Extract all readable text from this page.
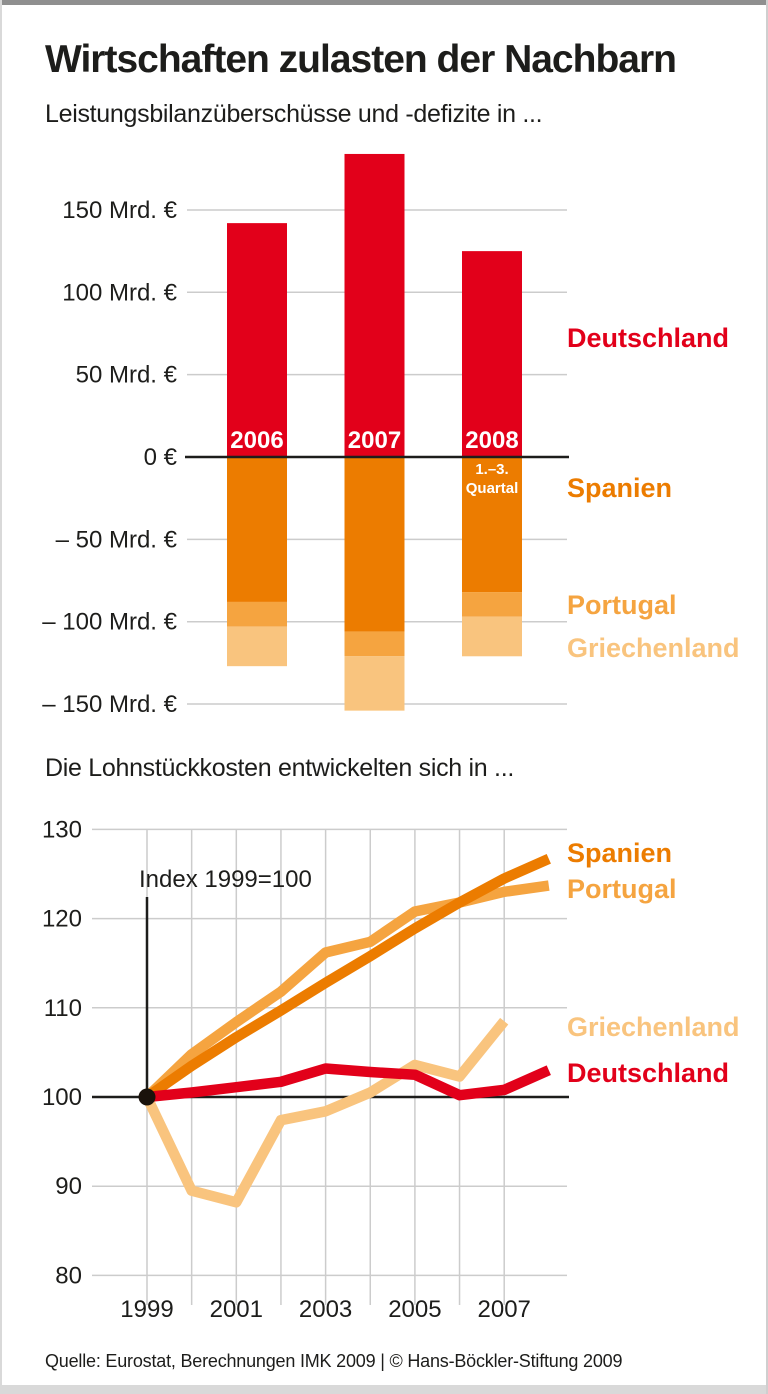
Wirtschaften zulasten der Nachbarn
Leistungsbilanzüberschüsse und -defizite in ...
150 Mrd. €
100 Mrd. €
50 Mrd. €
0 €
– 50 Mrd. €
– 100 Mrd. €
– 150 Mrd. €
2006	2007	2008
1.–3.
Quartal
Deutschland
Spanien
Portugal
Griechenland
Die Lohnstückkosten entwickelten sich in ...
130
120
110
100
90
80
Index 1999=100
1999 2001 2003 2005 2007
Spanien
Portugal
Griechenland
Deutschland
Quelle: Eurostat, Berechnungen IMK 2009 | © Hans-Böckler-Stiftung 2009
